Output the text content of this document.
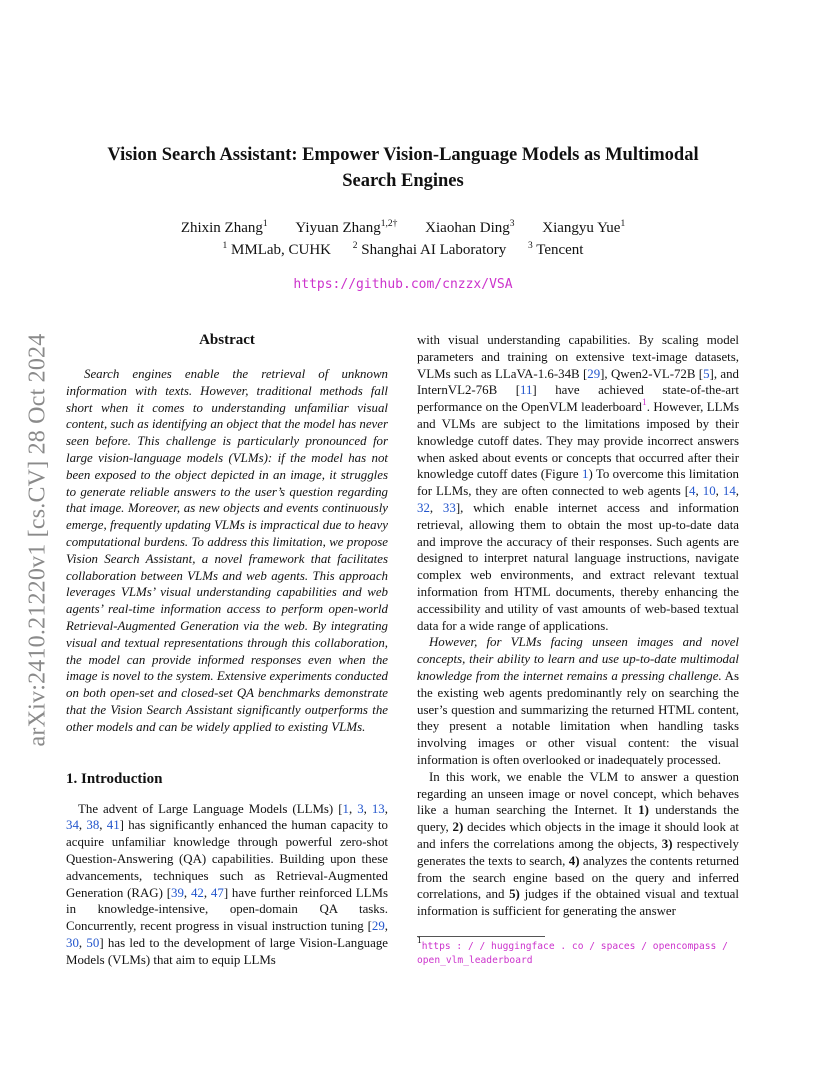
arXiv:2410.21220v1 [cs.CV] 28 Oct 2024
Vision Search Assistant: Empower Vision-Language Models as Multimodal
Search Engines
Zhixin Zhang$^1$ Yiyuan Zhang$^{1,2\dagger}$ Xiaohan Ding$^3$ Xiangyu Yue$^1$
$^1$ MMLab, CUHK $^2$ Shanghai AI Laboratory $^3$ Tencent
https://github.com/cnzzx/VSA
Abstract

Search engines enable the retrieval of unknown information with texts. However, traditional methods fall short when it comes to understanding unfamiliar visual content, such as identifying an object that the model has never seen before. This challenge is particularly pronounced for large vision-language models (VLMs): if the model has not been exposed to the object depicted in an image, it struggles to generate reliable answers to the user’s question regarding that image. Moreover, as new objects and events continuously emerge, frequently updating VLMs is impractical due to heavy computational burdens. To address this limitation, we propose Vision Search Assistant, a novel framework that facilitates collaboration between VLMs and web agents. This approach leverages VLMs’ visual understanding capabilities and web agents’ real-time information access to perform open-world Retrieval-Augmented Generation via the web. By integrating visual and textual representations through this collaboration, the model can provide informed responses even when the image is novel to the system. Extensive experiments conducted on both open-set and closed-set QA benchmarks demonstrate that the Vision Search Assistant significantly outperforms the other models and can be widely applied to existing VLMs.

1. Introduction

The advent of Large Language Models (LLMs) [1, 3, 13, 34, 38, 41] has significantly enhanced the human capacity to acquire unfamiliar knowledge through powerful zero-shot Question-Answering (QA) capabilities. Building upon these advancements, techniques such as Retrieval-Augmented Generation (RAG) [39, 42, 47] have further reinforced LLMs in knowledge-intensive, open-domain QA tasks. Concurrently, recent progress in visual instruction tuning [29, 30, 50] has led to the development of large Vision-Language Models (VLMs) that aim to equip LLMs

with visual understanding capabilities. By scaling model parameters and training on extensive text-image datasets, VLMs such as LLaVA-1.6-34B [29], Qwen2-VL-72B [5], and InternVL2-76B [11] have achieved state-of-the-art performance on the OpenVLM leaderboard$^1$. However, LLMs and VLMs are subject to the limitations imposed by their knowledge cutoff dates. They may provide incorrect answers when asked about events or concepts that occurred after their knowledge cutoff dates (Figure 1) To overcome this limitation for LLMs, they are often connected to web agents [4, 10, 14, 32, 33], which enable internet access and information retrieval, allowing them to obtain the most up-to-date data and improve the accuracy of their responses. Such agents are designed to interpret natural language instructions, navigate complex web environments, and extract relevant textual information from HTML documents, thereby enhancing the accessibility and utility of vast amounts of web-based textual data for a wide range of applications.

However, for VLMs facing unseen images and novel concepts, their ability to learn and use up-to-date multimodal knowledge from the internet remains a pressing challenge. As the existing web agents predominantly rely on searching the user’s question and summarizing the returned HTML content, they present a notable limitation when handling tasks involving images or other visual content: the visual information is often overlooked or inadequately processed.

In this work, we enable the VLM to answer a question regarding an unseen image or novel concept, which behaves like a human searching the Internet. It 1) understands the query, 2) decides which objects in the image it should look at and infers the correlations among the objects, 3) respectively generates the texts to search, 4) analyzes the contents returned from the search engine based on the query and inferred correlations, and 5) judges if the obtained visual and textual information is sufficient for generating the answer

$^1$https : / / huggingface . co / spaces / opencompass /
open_vlm_leaderboard
